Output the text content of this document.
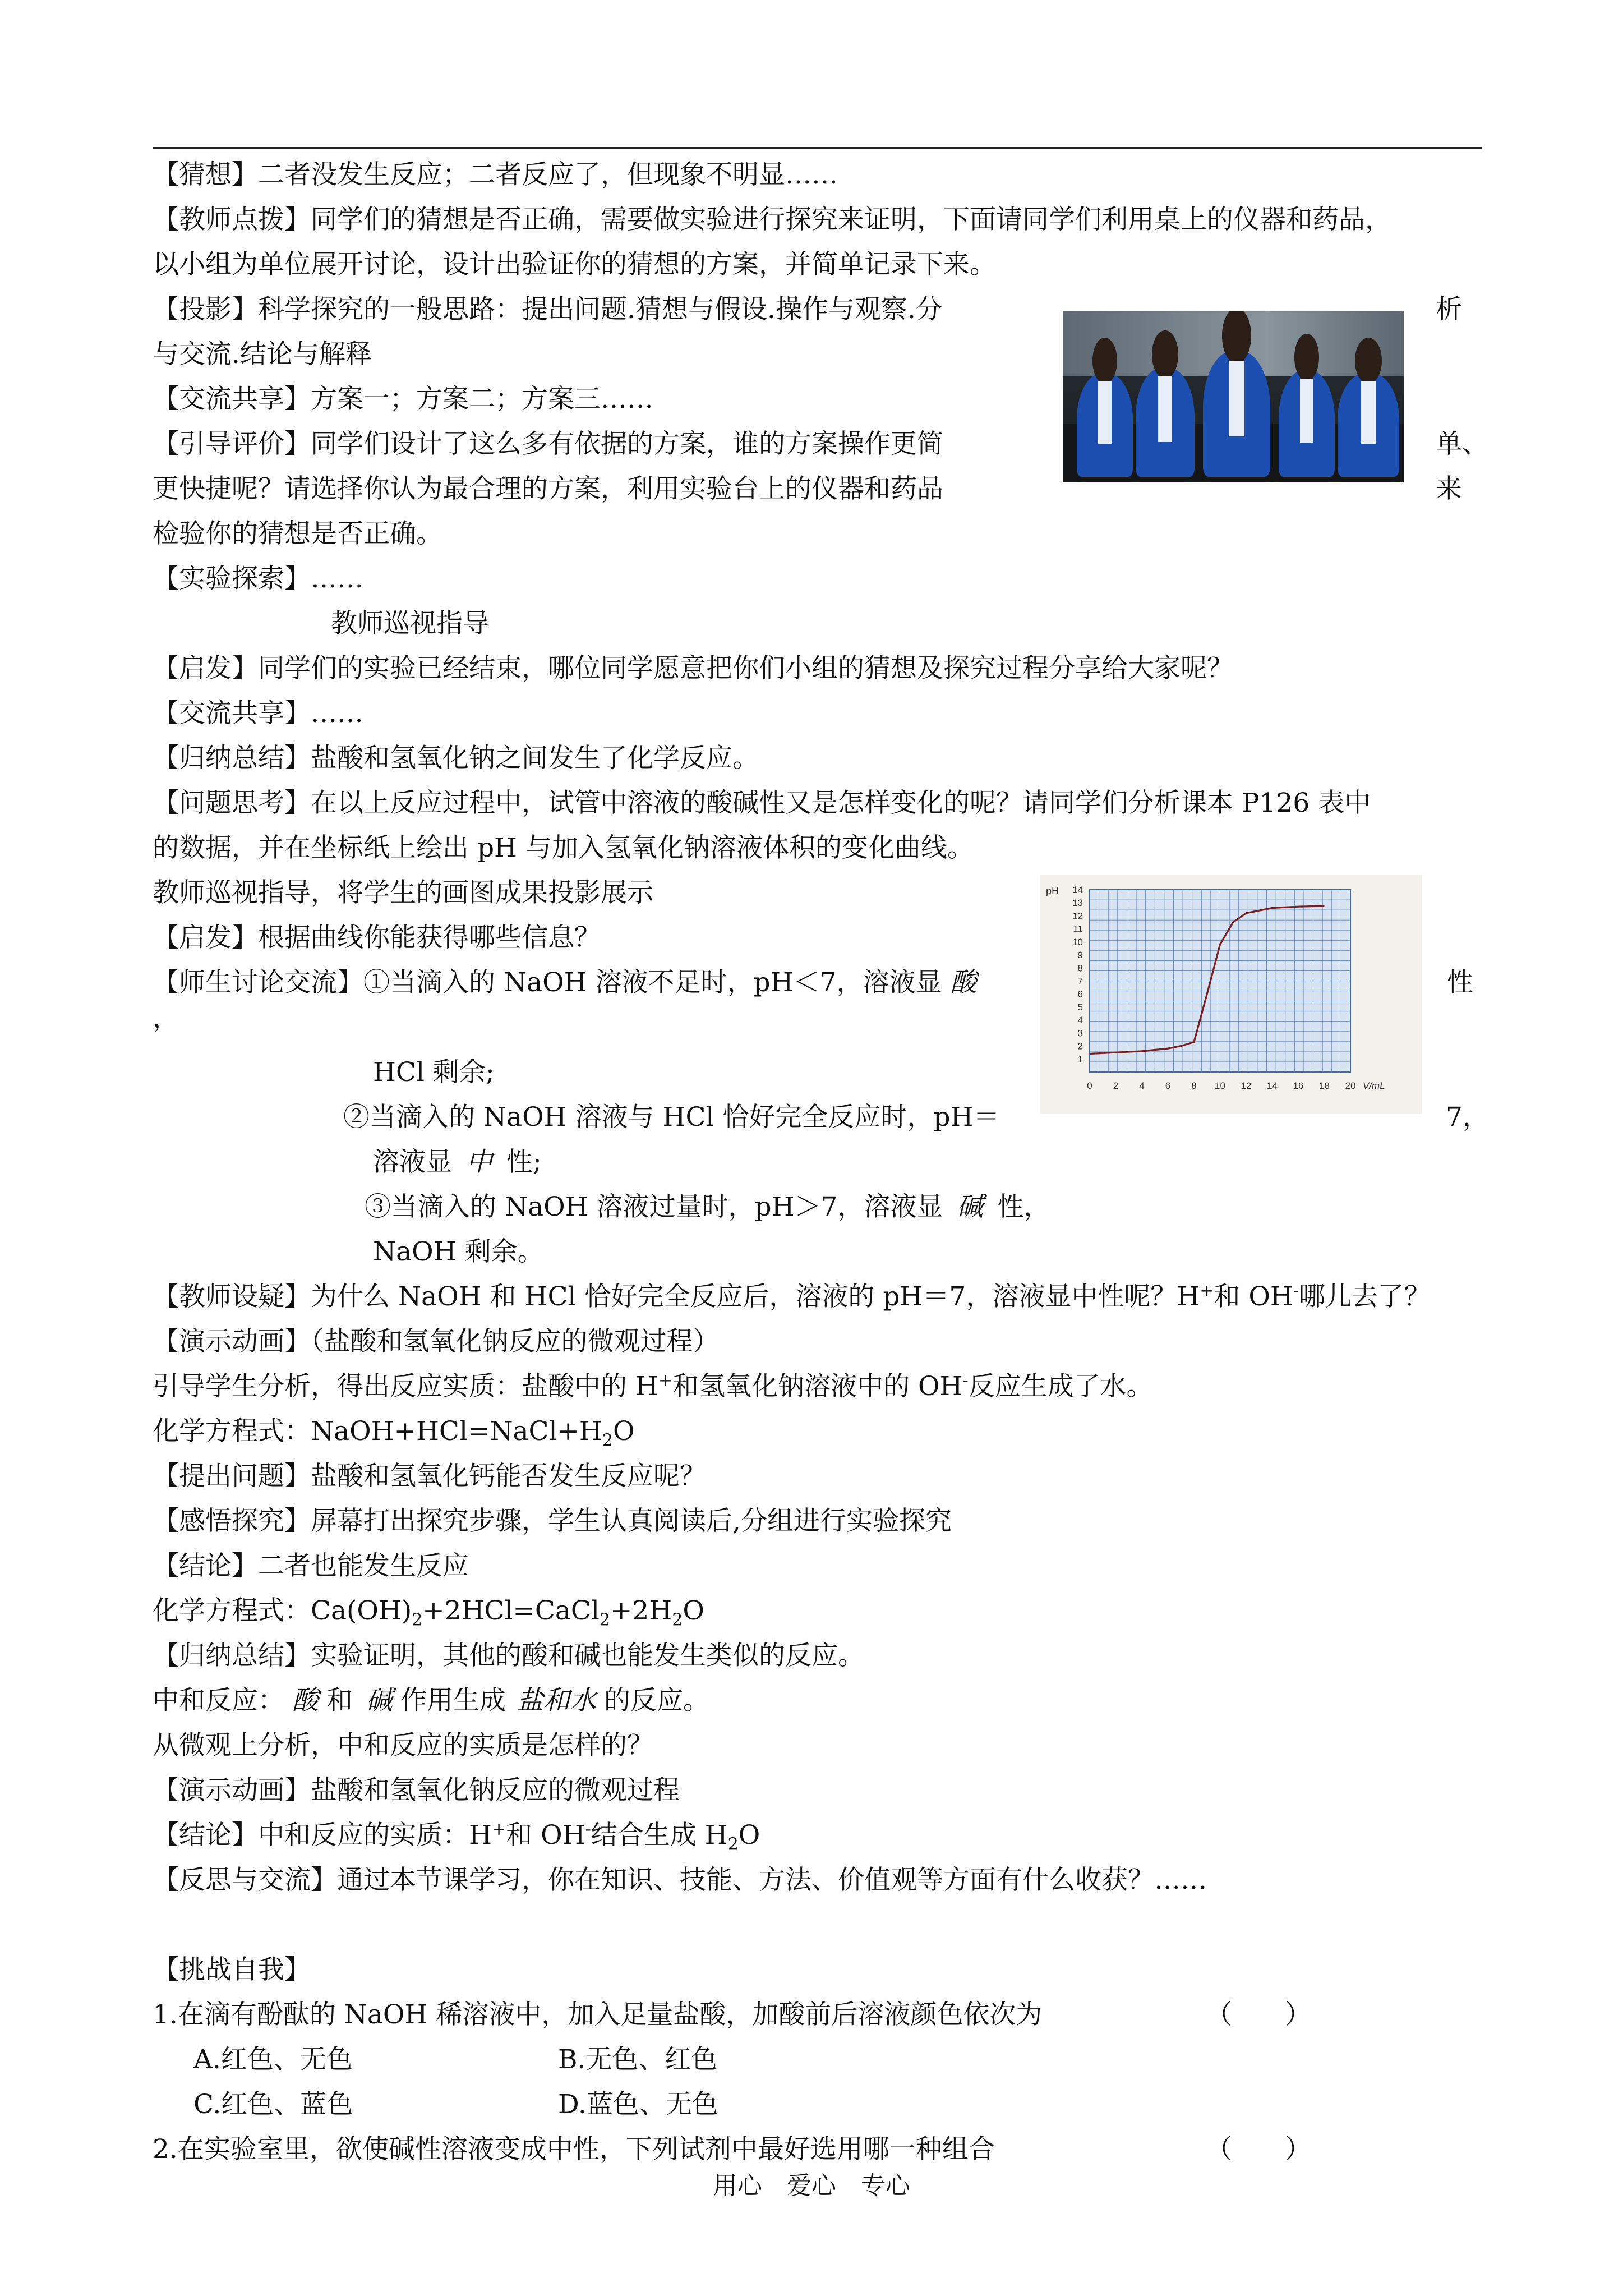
【猜想】二者没发生反应；二者反应了，但现象不明显……
【教师点拨】同学们的猜想是否正确，需要做实验进行探究来证明，下面请同学们利用桌上的仪器和药品，
以小组为单位展开讨论，设计出验证你的猜想的方案，并简单记录下来。
【投影】科学探究的一般思路：提出问题.猜想与假设.操作与观察.分	析
与交流.结论与解释
【交流共享】方案一；方案二；方案三……
【引导评价】同学们设计了这么多有依据的方案，谁的方案操作更简	单、
更快捷呢？请选择你认为最合理的方案，利用实验台上的仪器和药品	来
检验你的猜想是否正确。
【实验探索】……
教师巡视指导
【启发】同学们的实验已经结束，哪位同学愿意把你们小组的猜想及探究过程分享给大家呢？
【交流共享】……
【归纳总结】盐酸和氢氧化钠之间发生了化学反应。
【问题思考】在以上反应过程中，试管中溶液的酸碱性又是怎样变化的呢？请同学们分析课本 P126 表中
的数据，并在坐标纸上绘出 pH 与加入氢氧化钠溶液体积的变化曲线。
教师巡视指导，将学生的画图成果投影展示
【启发】根据曲线你能获得哪些信息？
【师生讨论交流】①当滴入的 NaOH 溶液不足时，pH＜7，溶液显 酸	性
，
HCl 剩余;
②当滴入的 NaOH 溶液与 HCl 恰好完全反应时，pH＝	7，
溶液显 中 性;
③当滴入的 NaOH 溶液过量时，pH＞7，溶液显 碱 性，
NaOH 剩余。
【教师设疑】为什么 NaOH 和 HCl 恰好完全反应后，溶液的 pH＝7，溶液显中性呢？H+和 OH-哪儿去了？
【演示动画】（盐酸和氢氧化钠反应的微观过程）
引导学生分析，得出反应实质：盐酸中的 H+和氢氧化钠溶液中的 OH-反应生成了水。
化学方程式：$NaOH+HCl=NaCl+H_2O$
【提出问题】盐酸和氢氧化钙能否发生反应呢？
【感悟探究】屏幕打出探究步骤，学生认真阅读后,分组进行实验探究
【结论】二者也能发生反应
化学方程式：$Ca(OH)_2+2HCl=CaCl_2+2H_2O$
【归纳总结】实验证明，其他的酸和碱也能发生类似的反应。
中和反应： 酸 和 碱 作用生成 盐和水 的反应。
从微观上分析，中和反应的实质是怎样的？
【演示动画】盐酸和氢氧化钠反应的微观过程
【结论】中和反应的实质：H+和 OH-结合生成 $H_2O$
【反思与交流】通过本节课学习，你在知识、技能、方法、价值观等方面有什么收获？……
【挑战自我】
1.在滴有酚酞的 NaOH 稀溶液中，加入足量盐酸，加酸前后溶液颜色依次为	（　　）
A.红色、无色	B.无色、红色
C.红色、蓝色	D.蓝色、无色
2.在实验室里，欲使碱性溶液变成中性，下列试剂中最好选用哪一种组合	（　　）
0 2 4 6 8 10 12 14 16 18 20
1
2
3
4
5
6
7
8
9
10
11
12
13
14
pH
V/mL
用心　爱心　专心
